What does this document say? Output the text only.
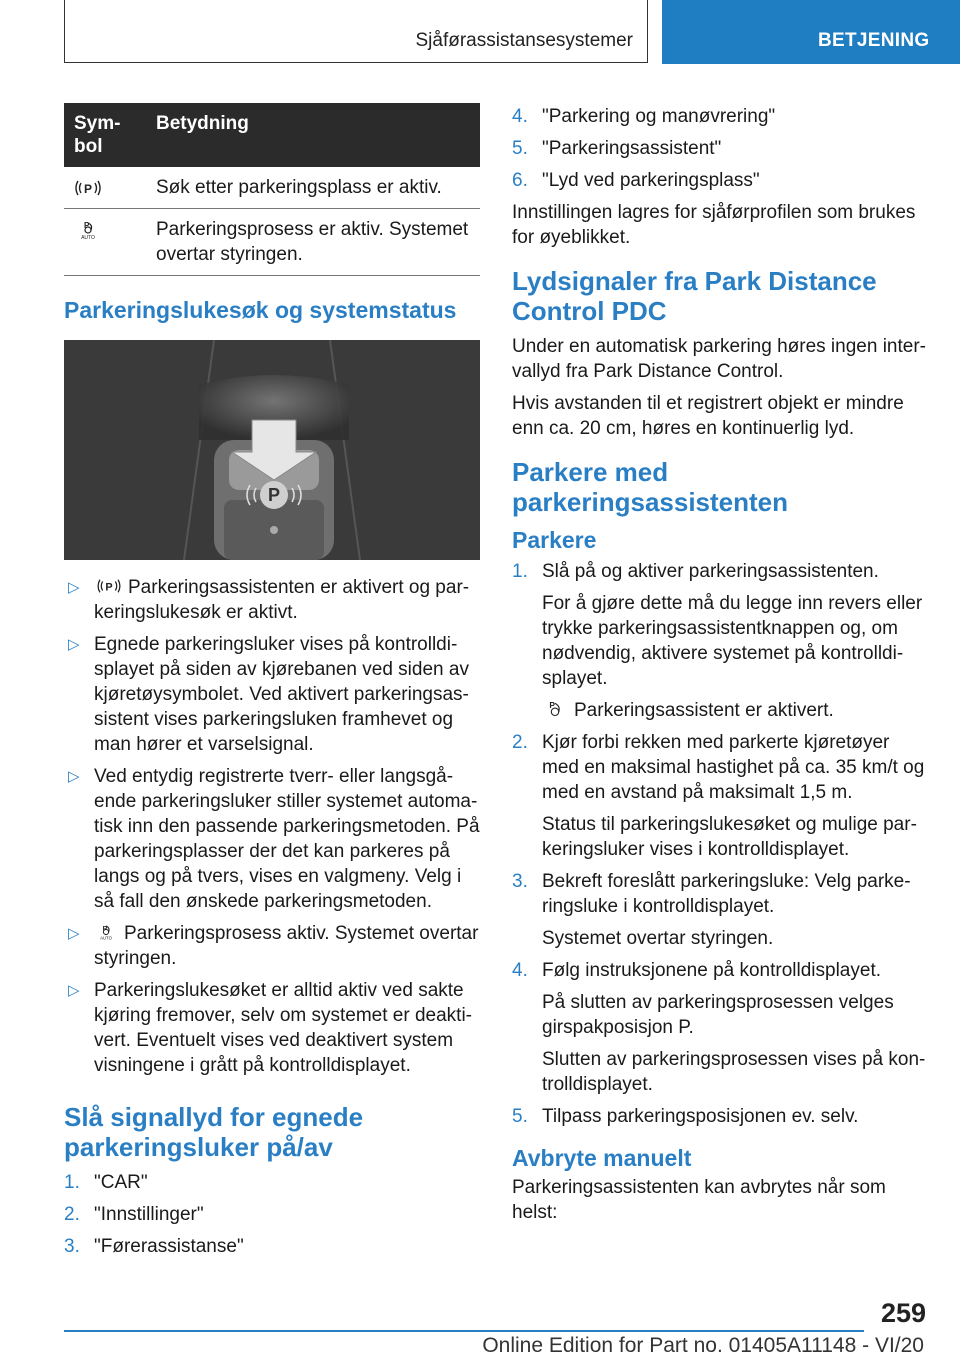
Sjåførassistansesystemer	BETJENING
Sym-
bol	Betydning

P	Søk etter parkeringsplass er aktiv.

P
AUTO	Parkeringsprosess er aktiv. Systemet overtar styringen.
Parkeringslukesøk og systemstatus
P
▷ P Parkeringsassistenten er aktivert og parkeringslukesøk er aktivt.
▷ Egnede parkeringsluker vises på kontrolldisplayet på siden av kjørebanen ved siden av kjøretøysymbolet. Ved aktivert parkeringsassistent vises parkeringsluken framhevet og man hører et varselsignal.
▷ Ved entydig registrerte tverr- eller langsgående parkeringsluker stiller systemet automatisk inn den passende parkeringsmetoden. På parkeringsplasser der det kan parkeres på langs og på tvers, vises en valgmeny. Velg i så fall den ønskede parkeringsmetoden.
▷	P
AUTO Parkeringsprosess aktiv. Systemet overtar styringen.
▷ Parkeringslukesøket er alltid aktiv ved sakte kjøring fremover, selv om systemet er deaktivert. Eventuelt vises ved deaktivert system visningene i grått på kontrolldisplayet.
Slå signallyd for egnede parkeringsluker på/av
1. "CAR"
2. "Innstillinger"
3. "Førerassistanse"
4. "Parkering og manøvrering"
5. "Parkeringsassistent"
6. "Lyd ved parkeringsplass"
Innstillingen lagres for sjåførprofilen som brukes for øyeblikket.
Lydsignaler fra Park Distance Control PDC
Under en automatisk parkering høres ingen intervallyd fra Park Distance Control.
Hvis avstanden til et registrert objekt er mindre enn ca. 20 cm, høres en kontinuerlig lyd.
Parkere med parkeringsassistenten
Parkere
1. Slå på og aktiver parkeringsassistenten.
For å gjøre dette må du legge inn revers eller trykke parkeringsassistentknappen og, om nødvendig, aktivere systemet på kontrolldisplayet.
P Parkeringsassistent er aktivert.
2. Kjør forbi rekken med parkerte kjøretøyer med en maksimal hastighet på ca. 35 km/t og med en avstand på maksimalt 1,5 m.
Status til parkeringslukesøket og mulige parkeringsluker vises i kontrolldisplayet.
3. Bekreft foreslått parkeringsluke: Velg parkeringsluke i kontrolldisplayet.
Systemet overtar styringen.
4. Følg instruksjonene på kontrolldisplayet.
På slutten av parkeringsprosessen velges girspakposisjon P.
Slutten av parkeringsprosessen vises på kontrolldisplayet.
5. Tilpass parkeringsposisjonen ev. selv.
Avbryte manuelt
Parkeringsassistenten kan avbrytes når som helst:
259
Online Edition for Part no. 01405A11148 - VI/20
